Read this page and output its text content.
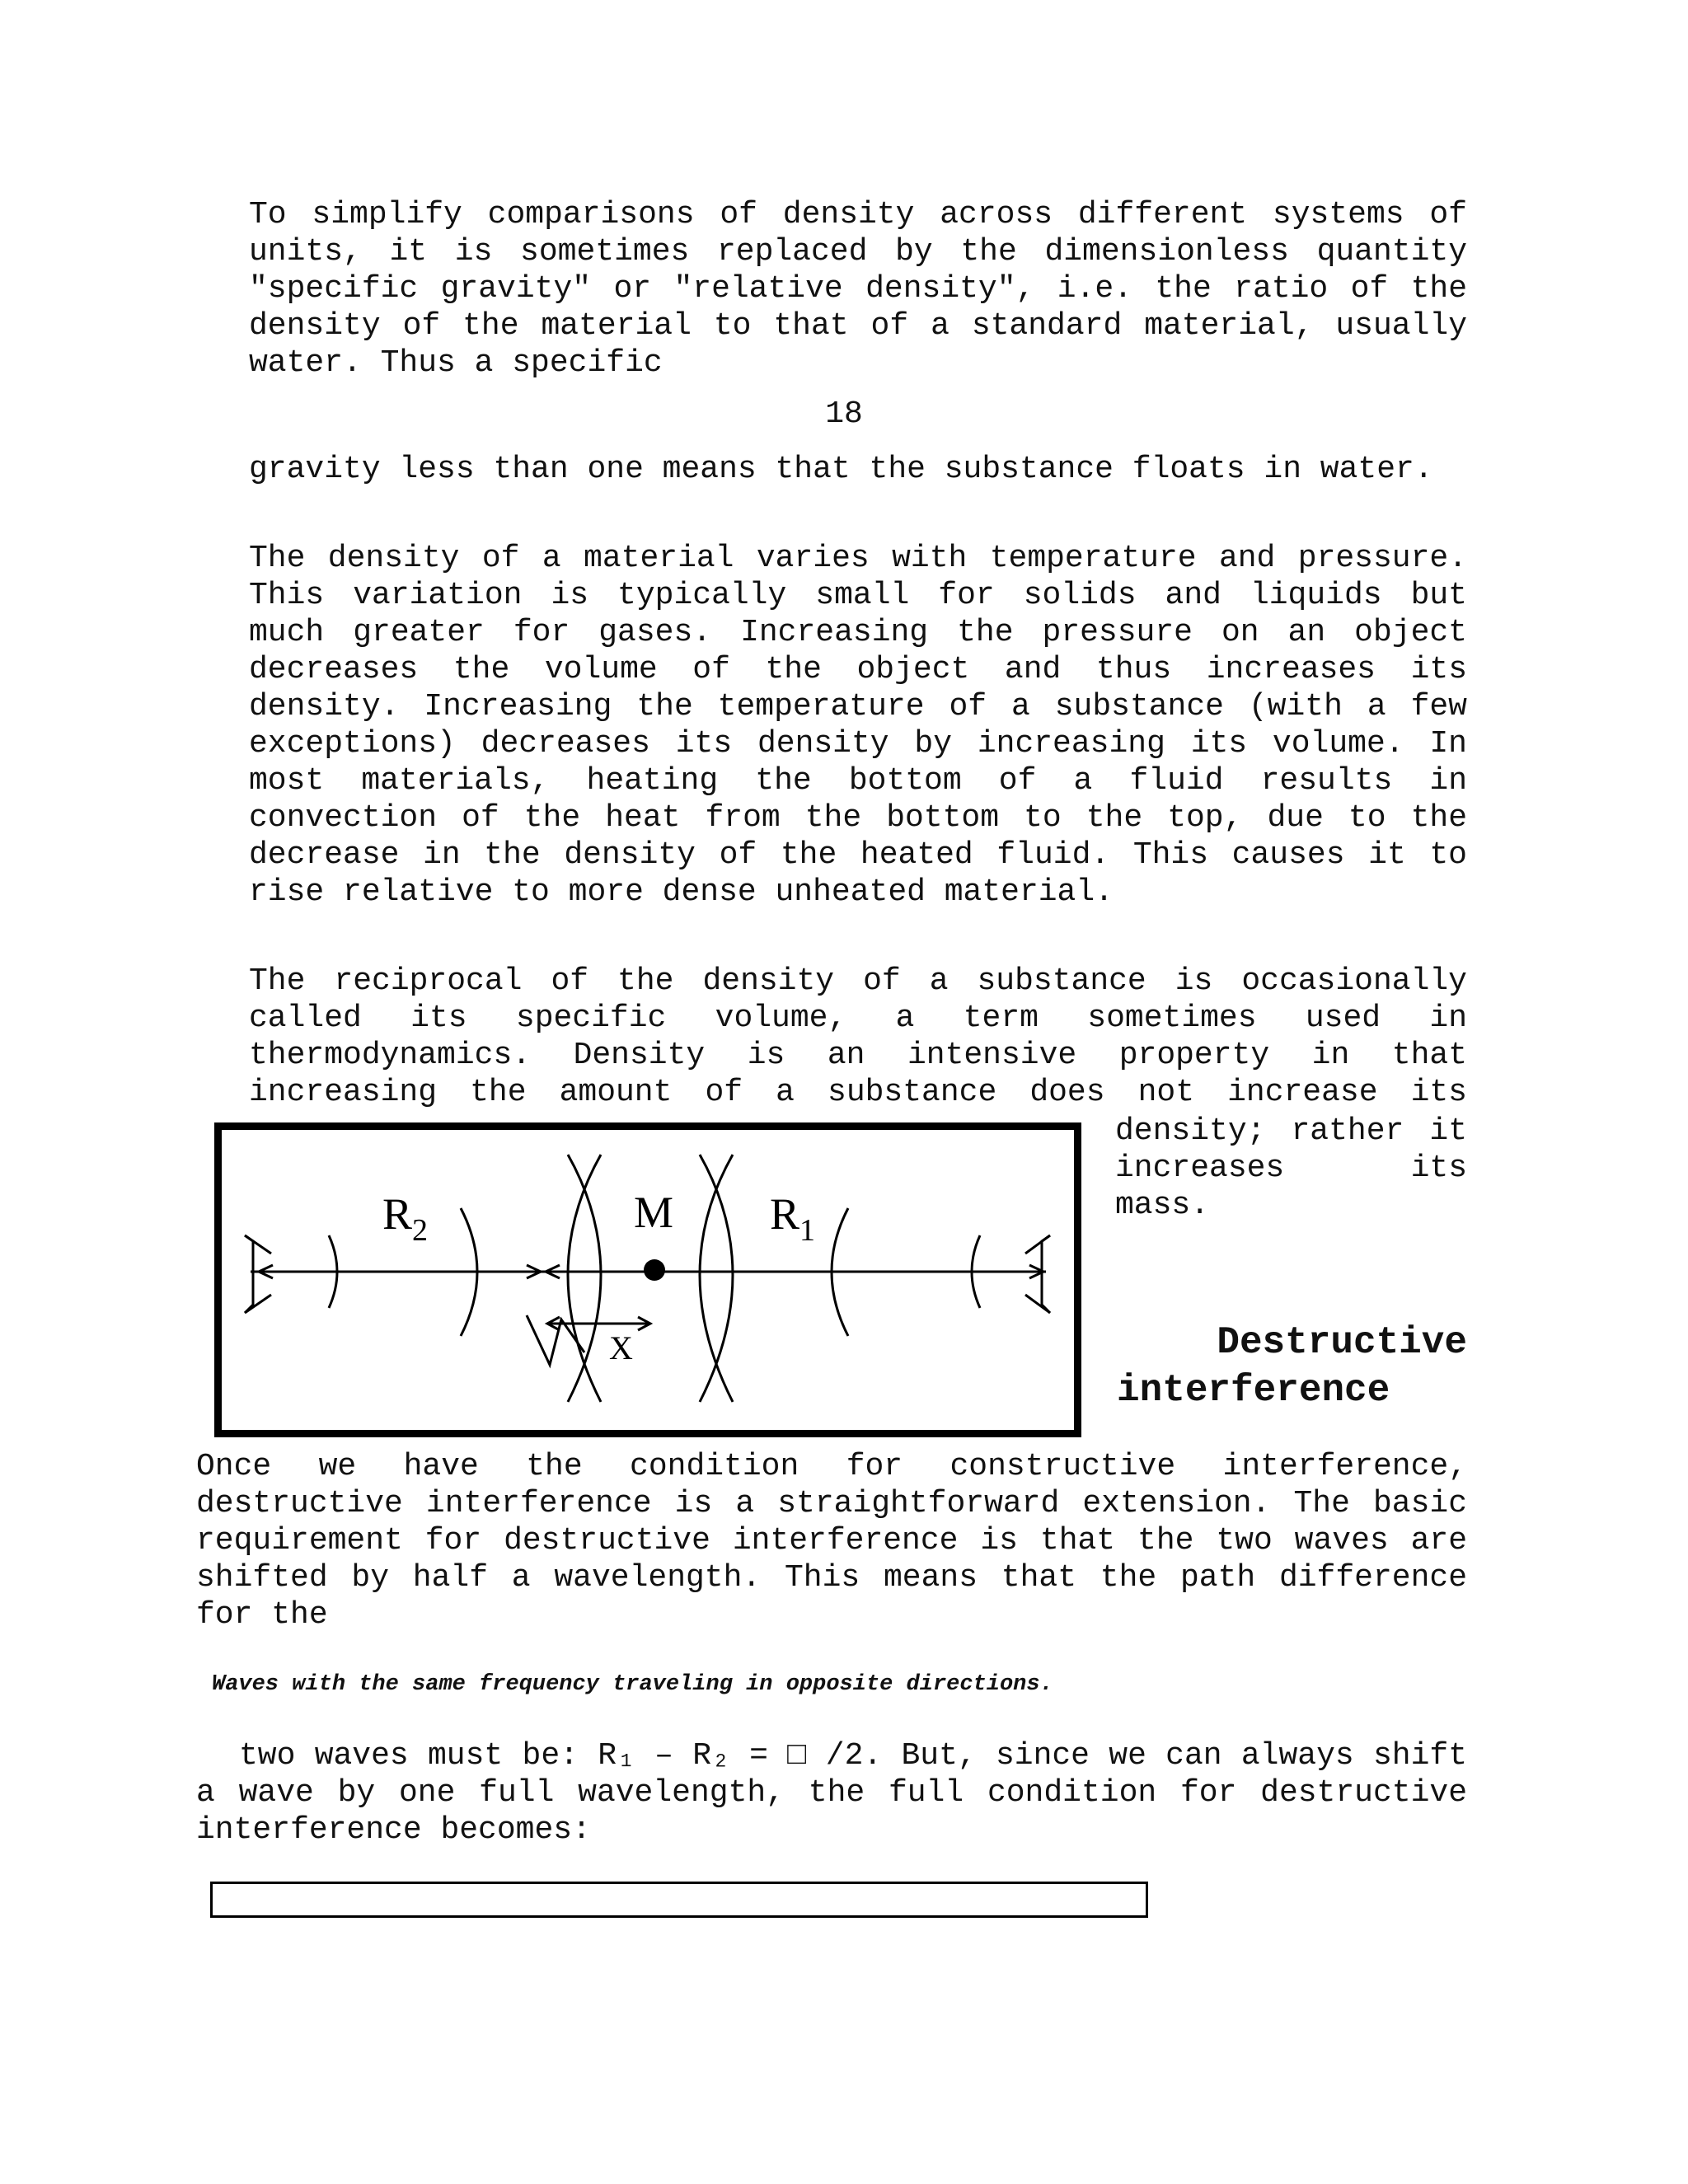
To simplify comparisons of density across different systems of units, it is sometimes replaced by the dimensionless quantity "specific gravity" or "relative density", i.e. the ratio of the density of the material to that of a standard material, usually water. Thus a specific
18
gravity less than one means that the substance floats in water.
The density of a material varies with temperature and pressure. This variation is typically small for solids and liquids but much greater for gases. Increasing the pressure on an object decreases the volume of the object and thus increases its density. Increasing the temperature of a substance (with a few exceptions) decreases its density by increasing its volume. In most materials, heating the bottom of a fluid results in convection of the heat from the bottom to the top, due to the decrease in the density of the heated fluid. This causes it to rise relative to more dense unheated material.
The reciprocal of the density of a substance is occasionally called its specific volume, a term sometimes used in thermodynamics. Density is an intensive property in that increasing the amount of a substance does not increase its
density; rather it
increases its
mass.
$R_2$	M $R_1$
X	Destructive
interference
Once we have the condition for constructive interference, destructive interference is a straightforward extension. The basic requirement for destructive interference is that the two waves are shifted by half a wavelength. This means that the path difference for the
Waves with the same frequency traveling in opposite directions.
two waves must be: R₁ – R₂ = □ /2. But, since we can always shift a wave by one full wavelength, the full condition for destructive interference becomes:
